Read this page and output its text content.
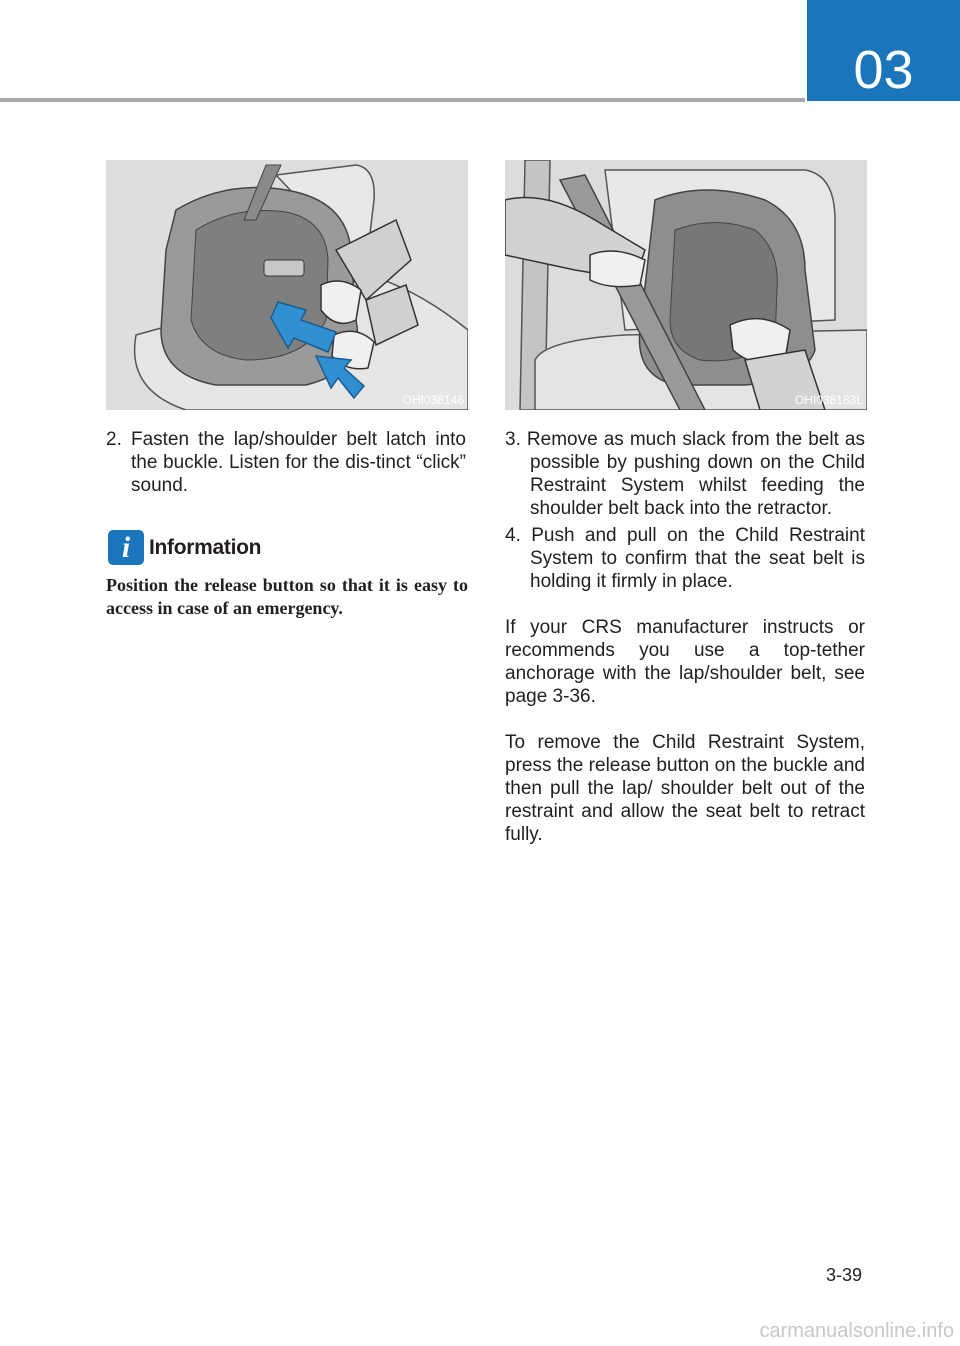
03
OHI038146	OHI038183L

2. Fasten the lap/shoulder belt latch into the buckle. Listen for the dis-tinct “click” sound.

i Information
Position the release button so that it is easy to access in case of an emergency.

3. Remove as much slack from the belt as possible by pushing down on the Child Restraint System whilst feeding the shoulder belt back into the retractor.

4. Push and pull on the Child Restraint System to confirm that the seat belt is holding it firmly in place.

If your CRS manufacturer instructs or recommends you use a top-tether anchorage with the lap/shoulder belt, see page 3-36.

To remove the Child Restraint System, press the release button on the buckle and then pull the lap/ shoulder belt out of the restraint and allow the seat belt to retract fully.

3-39
carmanualsonline.info
